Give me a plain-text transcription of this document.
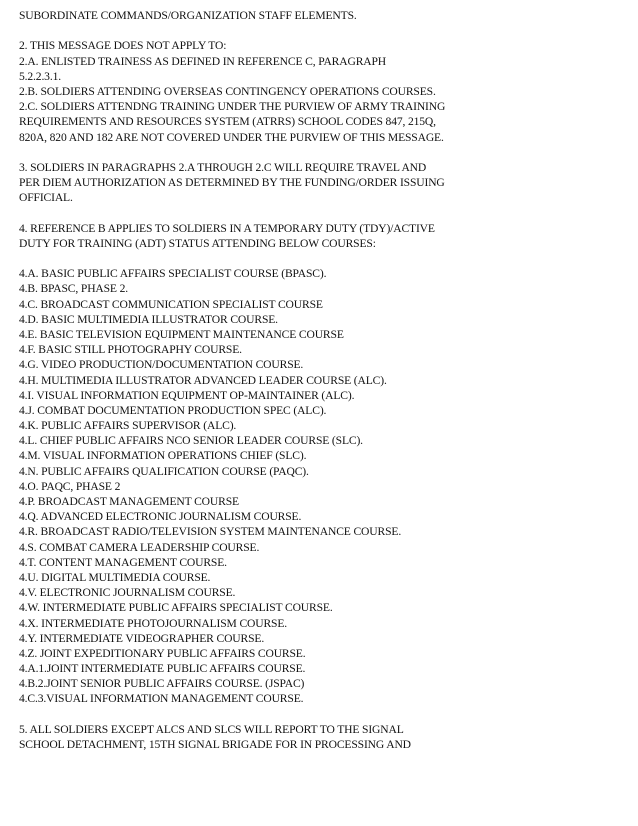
SUBORDINATE COMMANDS/ORGANIZATION STAFF ELEMENTS.
2. THIS MESSAGE DOES NOT APPLY TO:
2.A. ENLISTED TRAINESS AS DEFINED IN REFERENCE C, PARAGRAPH
5.2.2.3.1.
2.B. SOLDIERS ATTENDING OVERSEAS CONTINGENCY OPERATIONS COURSES.
2.C. SOLDIERS ATTENDNG TRAINING UNDER THE PURVIEW OF ARMY TRAINING
REQUIREMENTS AND RESOURCES SYSTEM (ATRRS) SCHOOL CODES 847, 215Q,
820A, 820 AND 182 ARE NOT COVERED UNDER THE PURVIEW OF THIS MESSAGE.
3. SOLDIERS IN PARAGRAPHS 2.A THROUGH 2.C WILL REQUIRE TRAVEL AND
PER DIEM AUTHORIZATION AS DETERMINED BY THE FUNDING/ORDER ISSUING
OFFICIAL.
4. REFERENCE B APPLIES TO SOLDIERS IN A TEMPORARY DUTY (TDY)/ACTIVE
DUTY FOR TRAINING (ADT) STATUS ATTENDING BELOW COURSES:
4.A. BASIC PUBLIC AFFAIRS SPECIALIST COURSE (BPASC).
4.B. BPASC, PHASE 2.
4.C. BROADCAST COMMUNICATION SPECIALIST COURSE
4.D. BASIC MULTIMEDIA ILLUSTRATOR COURSE.
4.E. BASIC TELEVISION EQUIPMENT MAINTENANCE COURSE
4.F. BASIC STILL PHOTOGRAPHY COURSE.
4.G. VIDEO PRODUCTION/DOCUMENTATION COURSE.
4.H. MULTIMEDIA ILLUSTRATOR ADVANCED LEADER COURSE (ALC).
4.I. VISUAL INFORMATION EQUIPMENT OP-MAINTAINER (ALC).
4.J. COMBAT DOCUMENTATION PRODUCTION SPEC (ALC).
4.K. PUBLIC AFFAIRS SUPERVISOR (ALC).
4.L. CHIEF PUBLIC AFFAIRS NCO SENIOR LEADER COURSE (SLC).
4.M. VISUAL INFORMATION OPERATIONS CHIEF (SLC).
4.N. PUBLIC AFFAIRS QUALIFICATION COURSE (PAQC).
4.O. PAQC, PHASE 2
4.P. BROADCAST MANAGEMENT COURSE
4.Q. ADVANCED ELECTRONIC JOURNALISM COURSE.
4.R. BROADCAST RADIO/TELEVISION SYSTEM MAINTENANCE COURSE.
4.S. COMBAT CAMERA LEADERSHIP COURSE.
4.T. CONTENT MANAGEMENT COURSE.
4.U. DIGITAL MULTIMEDIA COURSE.
4.V. ELECTRONIC JOURNALISM COURSE.
4.W. INTERMEDIATE PUBLIC AFFAIRS SPECIALIST COURSE.
4.X. INTERMEDIATE PHOTOJOURNALISM COURSE.
4.Y. INTERMEDIATE VIDEOGRAPHER COURSE.
4.Z. JOINT EXPEDITIONARY PUBLIC AFFAIRS COURSE.
4.A.1.JOINT INTERMEDIATE PUBLIC AFFAIRS COURSE.
4.B.2.JOINT SENIOR PUBLIC AFFAIRS COURSE. (JSPAC)
4.C.3.VISUAL INFORMATION MANAGEMENT COURSE.
5. ALL SOLDIERS EXCEPT ALCS AND SLCS WILL REPORT TO THE SIGNAL
SCHOOL DETACHMENT, 15TH SIGNAL BRIGADE FOR IN PROCESSING AND
